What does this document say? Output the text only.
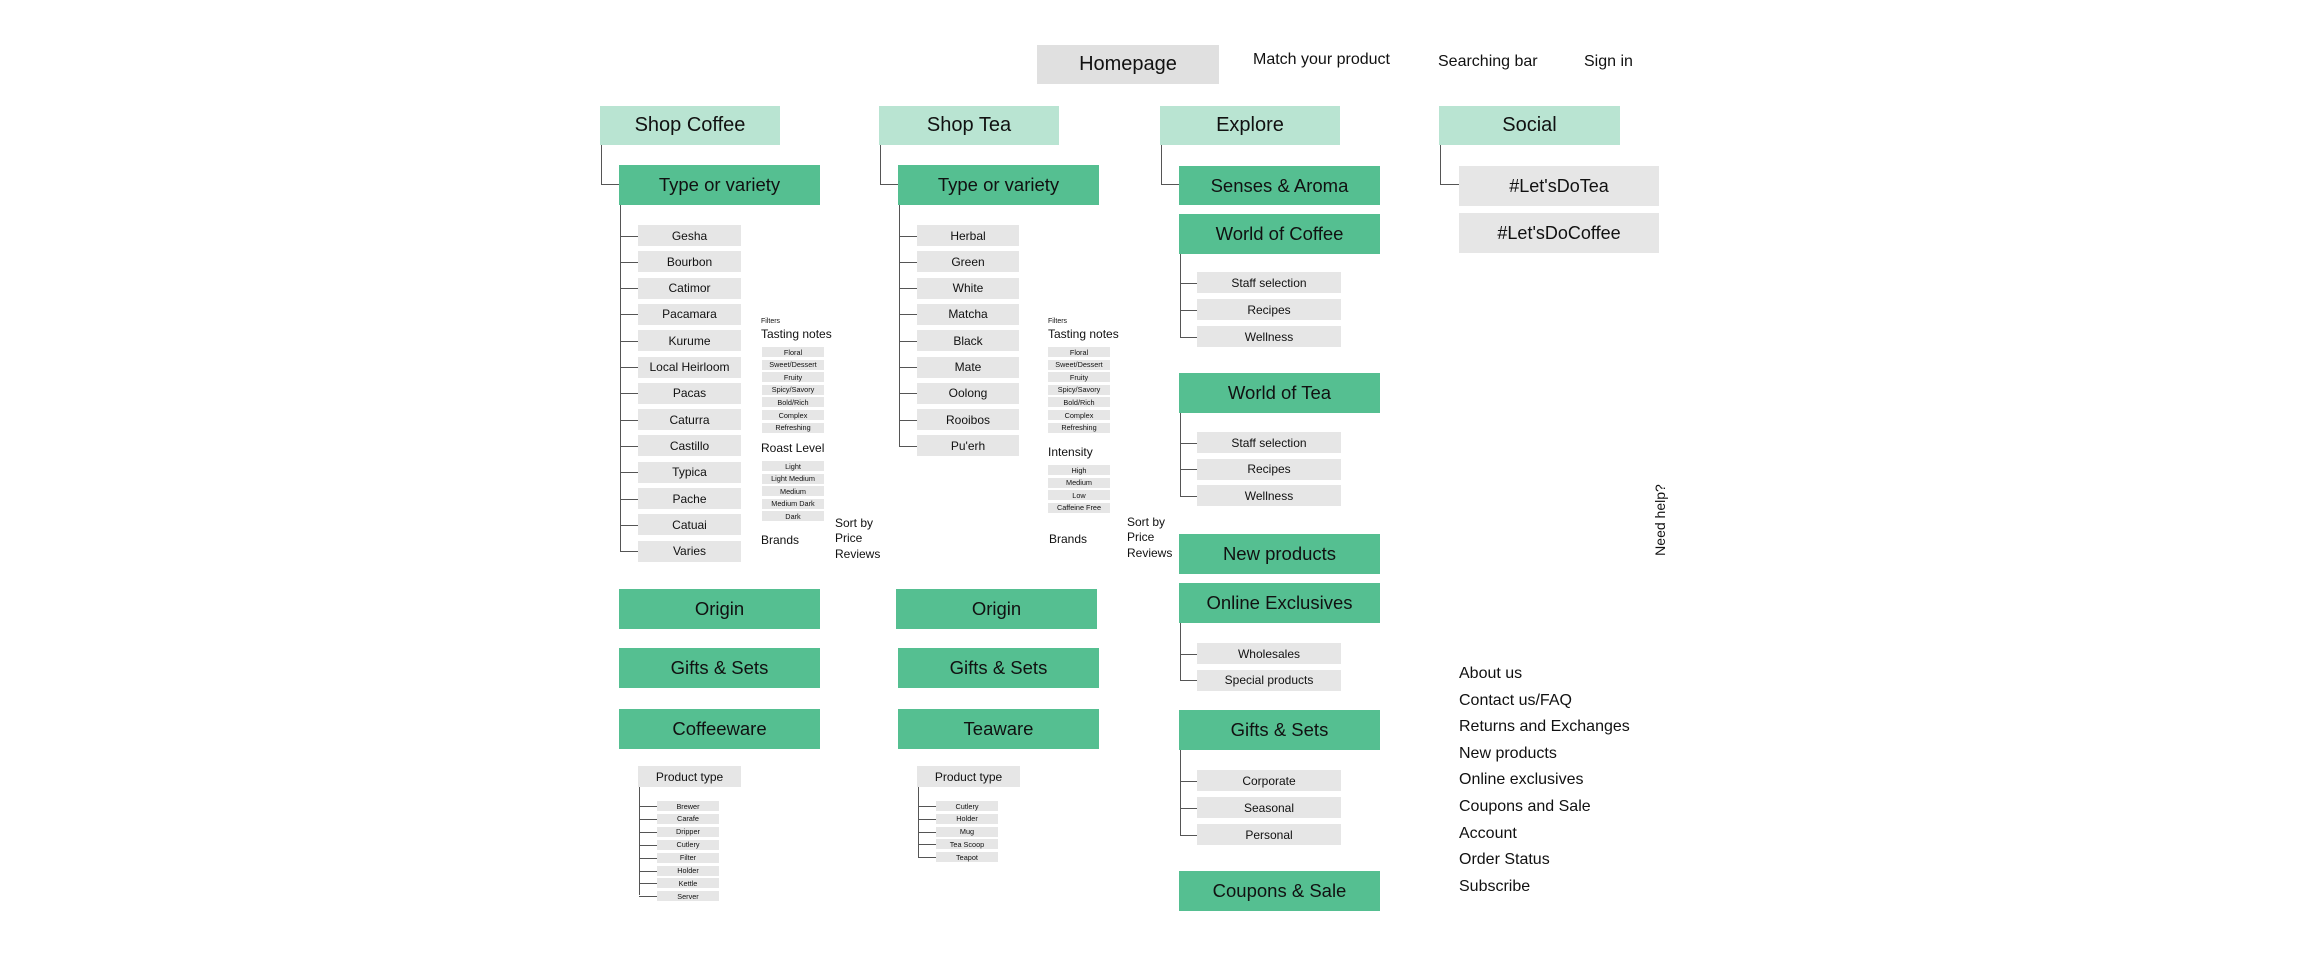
Homepage	Match your product	Searching bar	Sign in
Shop Coffee
Type or variety
Gesha
Bourbon
Catimor
Pacamara
Kurume
Local Heirloom
Pacas
Caturra
Castillo
Typica
Pache
Catuai
Varies
Filters
Tasting notes
Floral
Sweet/Dessert
Fruity
Spicy/Savory
Bold/Rich
Complex
Refreshing
Roast Level
Light
Light Medium
Medium
Medium Dark
Dark
Brands
Sort by
Price
Reviews
Origin
Gifts & Sets
Coffeeware
Product type
Brewer
Carafe
Dripper
Cutlery
Filter
Holder
Kettle
Server
Shop Tea
Type or variety
Herbal
Green
White
Matcha
Black
Mate
Oolong
Rooibos
Pu'erh
Filters
Tasting notes
Floral
Sweet/Dessert
Fruity
Spicy/Savory
Bold/Rich
Complex
Refreshing
Intensity
High
Medium
Low
Caffeine Free
Brands
Sort by
Price
Reviews
Origin
Gifts & Sets
Teaware
Product type
Cutlery
Holder
Mug
Tea Scoop
Teapot
Explore
Senses & Aroma
World of Coffee
Staff selection
Recipes
Wellness
World of Tea
Staff selection
Recipes
Wellness
New products
Online Exclusives
Wholesales
Special products
Gifts & Sets
Corporate
Seasonal
Personal
Coupons & Sale
Social
#Let'sDoTea
#Let'sDoCoffee
Need help?
About us
Contact us/FAQ
Returns and Exchanges
New products
Online exclusives
Coupons and Sale
Account
Order Status
Subscribe
